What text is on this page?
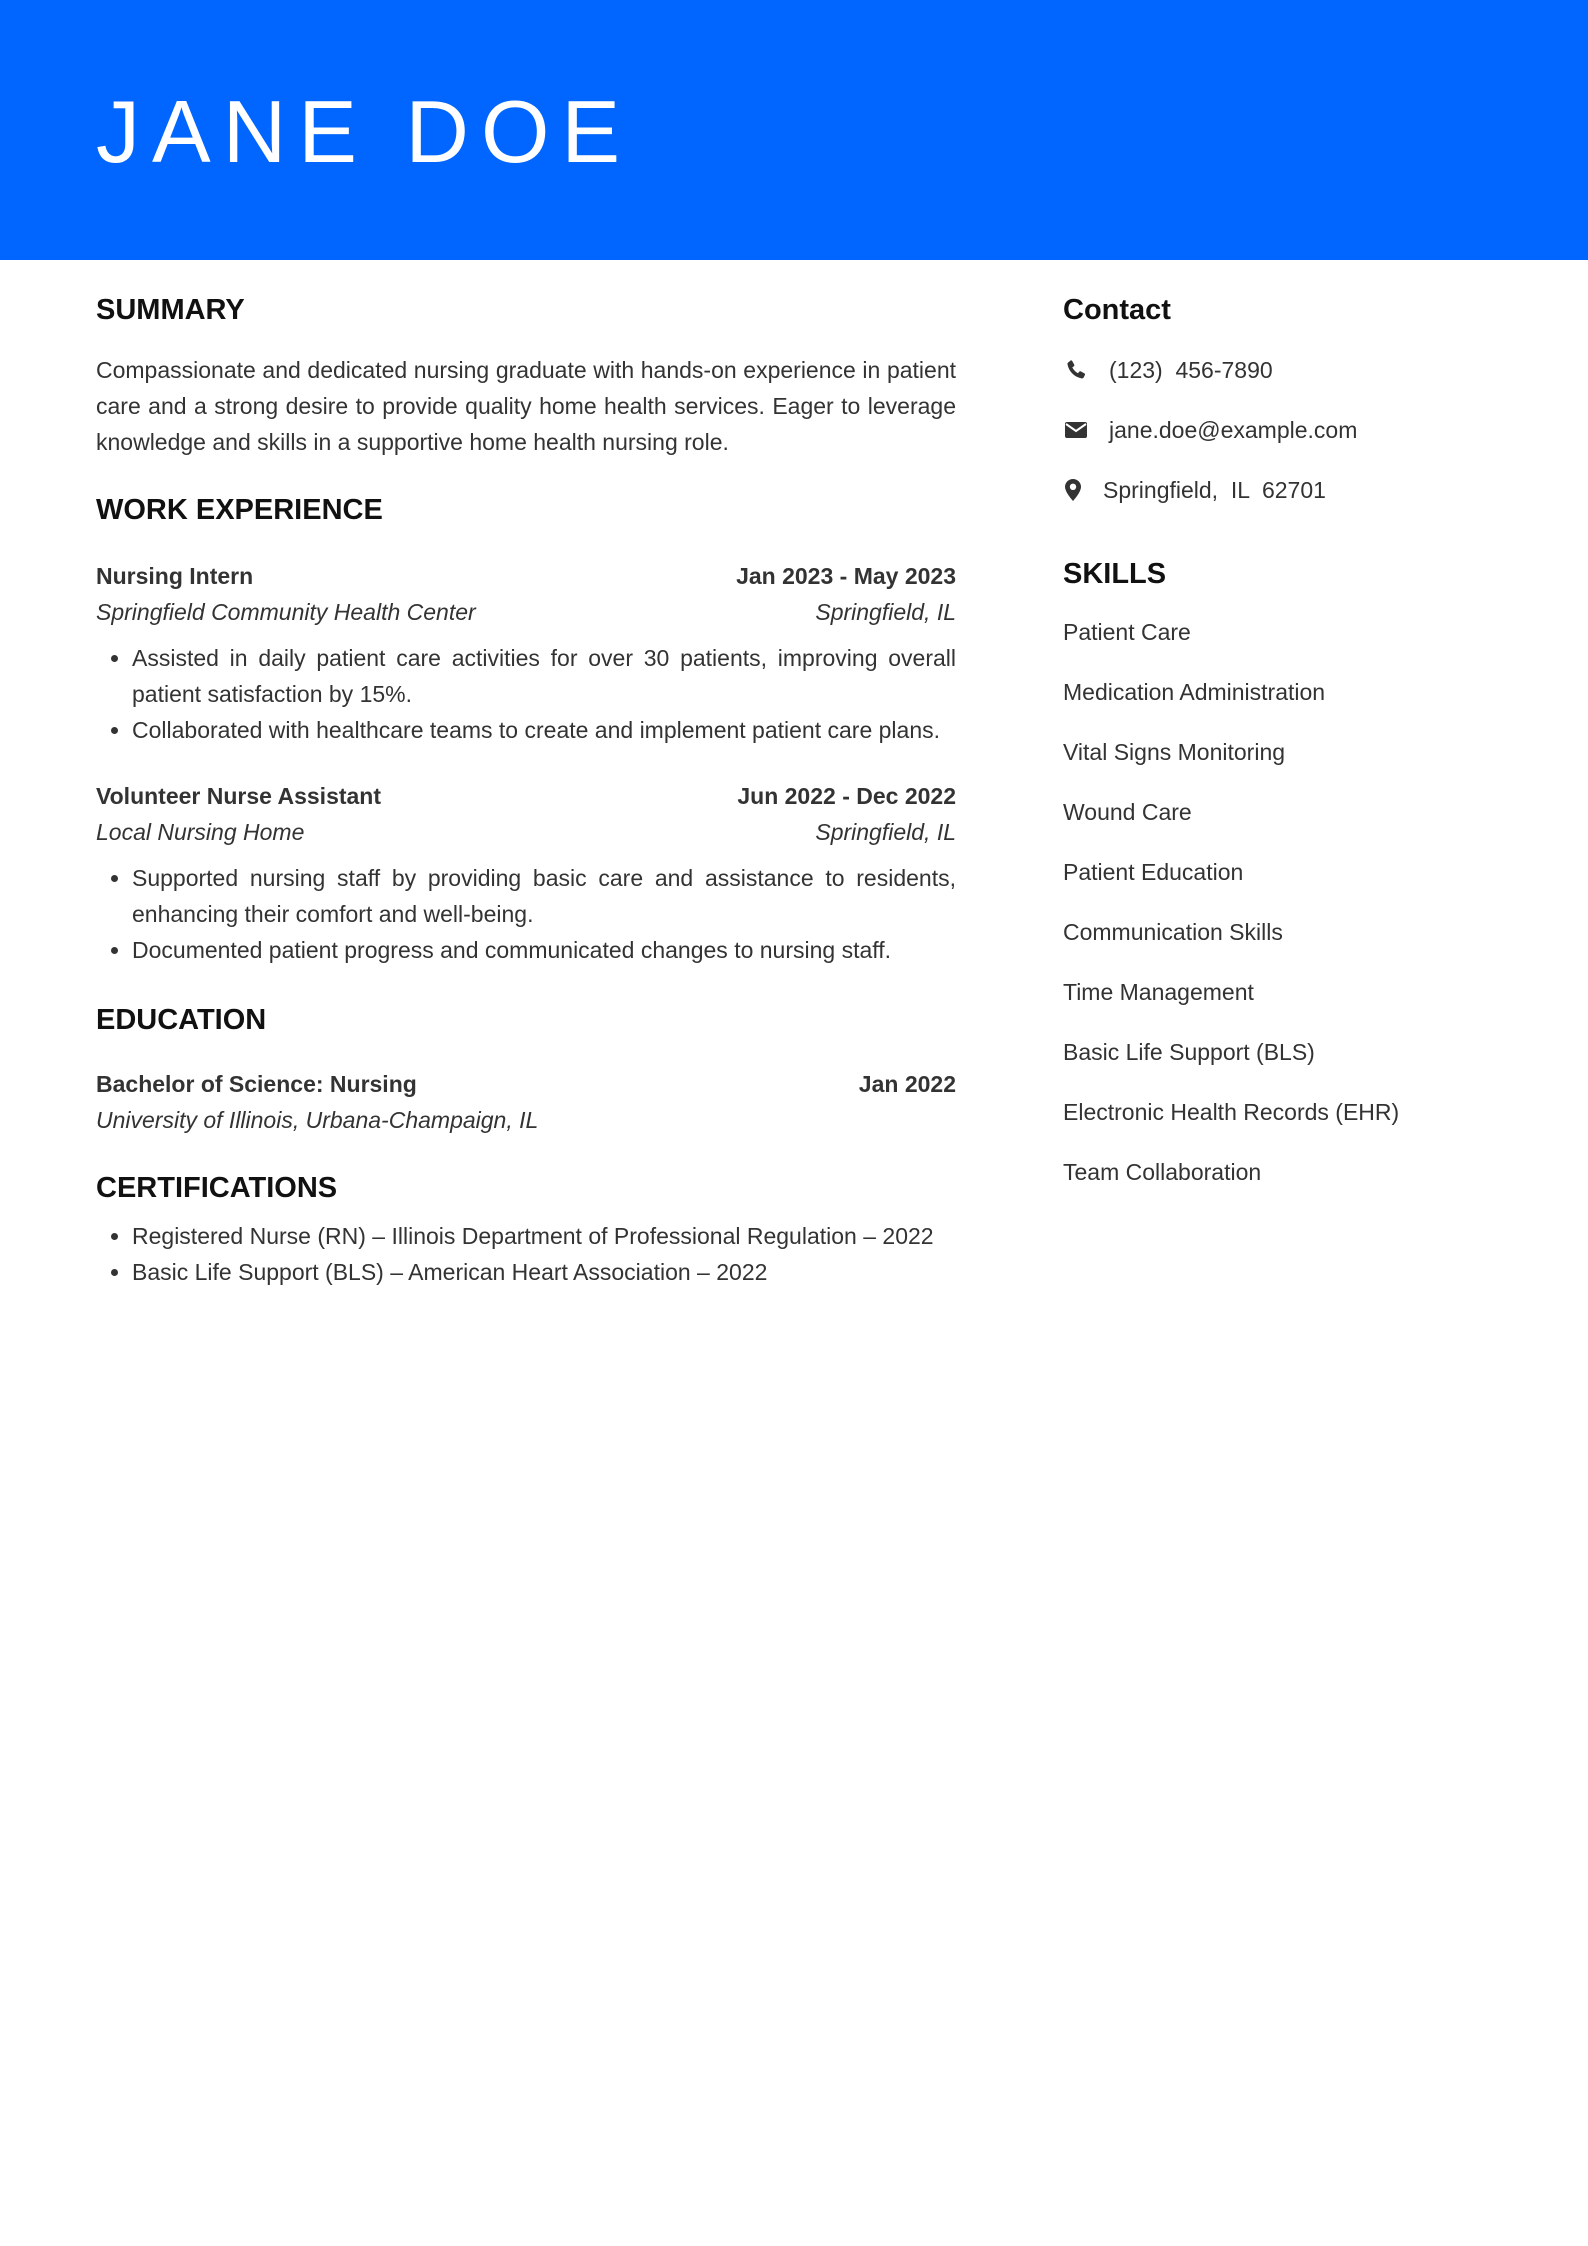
JANE DOE
SUMMARY
Compassionate and dedicated nursing graduate with hands-on experience in patient care and a strong desire to provide quality home health services. Eager to leverage knowledge and skills in a supportive home health nursing role.
WORK EXPERIENCE
Nursing Intern	Jan 2023 - May 2023
Springfield Community Health Center	Springfield, IL
• Assisted in daily patient care activities for over 30 patients, improving overall patient satisfaction by 15%.
• Collaborated with healthcare teams to create and implement patient care plans.
Volunteer Nurse Assistant	Jun 2022 - Dec 2022
Local Nursing Home	Springfield, IL
• Supported nursing staff by providing basic care and assistance to residents, enhancing their comfort and well-being.
• Documented patient progress and communicated changes to nursing staff.
EDUCATION
Bachelor of Science: Nursing	Jan 2022
University of Illinois, Urbana-Champaign, IL
CERTIFICATIONS
• Registered Nurse (RN) – Illinois Department of Professional Regulation – 2022
• Basic Life Support (BLS) – American Heart Association – 2022
Contact
(123)  456-7890
jane.doe@example.com
Springfield,  IL  62701
SKILLS
Patient Care
Medication Administration
Vital Signs Monitoring
Wound Care
Patient Education
Communication Skills
Time Management
Basic Life Support (BLS)
Electronic Health Records (EHR)
Team Collaboration
